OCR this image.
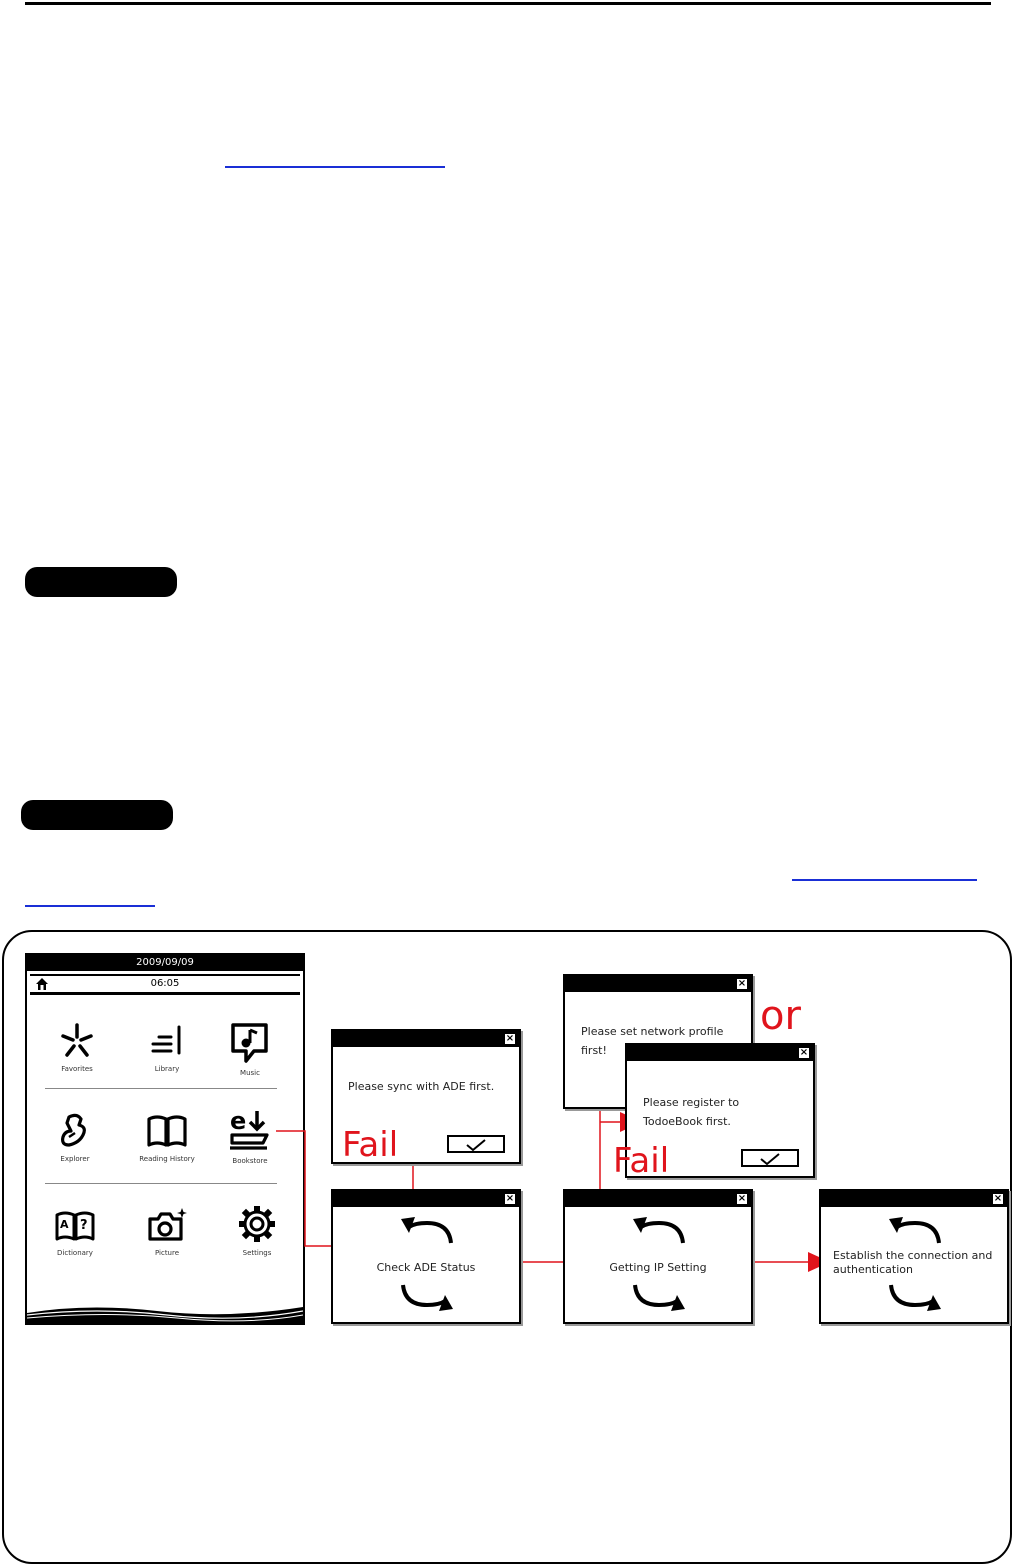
2009/09/09
06:05
Favorites	Library	Music
Explorer	Reading History
e
Bookstore
A ?
Dictionary	Picture	Settings
×
Please sync with ADE first.
×
Please set network profile
first!	×
Please register to
TodoeBook first.
×
Check ADE Status
×
Getting IP Setting
×
Establish the connection and
authentication
Fail	Fail
or
